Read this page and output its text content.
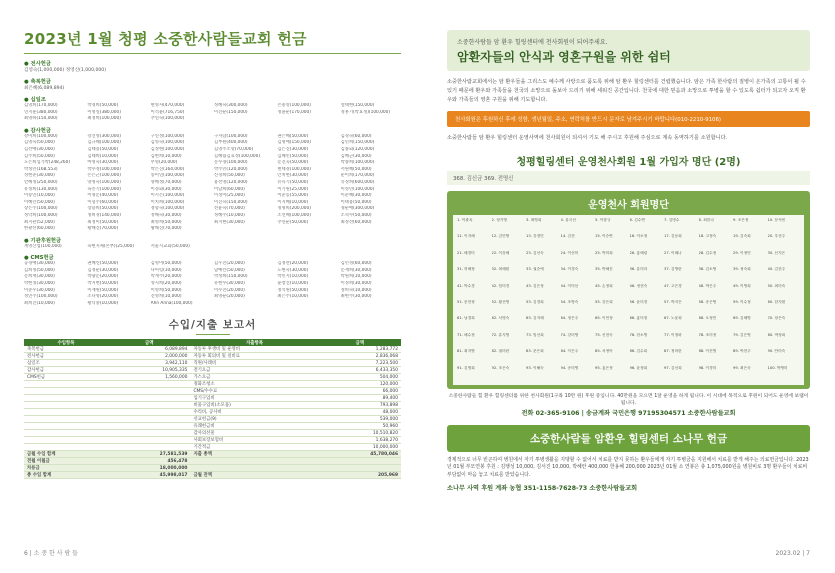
2023년 1월 청평 소중한사람들교회 헌금
● 전사헌금
김영숙(1,000,000) 정영신(1,000,000)
● 축복헌금
최은혜(6,089,894)
● 십일조
김영희(170,000)	박경희(50,000)	변영자(470,000)	성혜숙(300,000)	손중성(100,000)	설태현(150,000)
연지훈(380,000)	이영실(380,000)	이석윤(716,750)	이진순(150,000)	정윤순(170,000)	정홍기(박효정)(100,000)
최영하(150,000)	최정희(100,000)	추연숙(100,000)
● 감사헌금
강미희(100,000)	강진영(300,000)	구연정(100,000)	구자남(100,000)	권은혜(50,000)	김경숙(60,000)
김영숙(50,000)	김규해(100,000)	김영숙(100,000)	김부원(400,000)	김명애(150,000)	김민희(150,000)
김선애(30,000)	김태용(50,000)	김정현(100,000)	김영주소망(70,000)	김은진(30,000)	김종회(120,000)
김주희(50,000)	김태희(10,000)	김현희(10,000)	김혜림김효정(100,000)	김혜민(50,000)	김혜근(30,000)
노은희심가박(248,260)	마영숙(30,000)	무명(20,000)	문수경(100,000)	문진욱(50,000)	박종희(100,000)
박정민(168,553)	박수정(100,000)	박은진(164,000)	박주민(120,000)	변태경(100,000)	서원혜(50,000)
성현준(30,000)	손은근(100,000)	송미연(100,000)	신경희(50,000)	안치현(30,000)	순이희(170,000)
안혜정(250,000)	양영숙(100,000)	양혜정(70,000)	용선영(120,000)	유득기(50,000)	유정희(600,000)
유정희(130,000)	육흥기(100,000)	이경화(30,000)	이남희(60,000)	이기원(25,000)	이성민(100,000)
이승연(10,000)	이영문(40,000)	이시은(100,000)	이정미(25,000)	이준동(55,000)	이준혜(30,000)
이혜린(50,000)	이형주(60,000)	이치희(100,000)	이진숙(150,000)	이지혜(10,000)	이태용(50,000)
장은주(100,000)	장용희(50,000)	정향숙(100,000)	전윤숙(70,000)	정명희(200,000)	정순애(300,000)
정약희(100,000)	정희경(140,000)	정해숙(30,000)	정혜주(10,000)	조연혜(100,000)	조혁수(50,000)
최지관(52,000)	최정미(50,000)	최영희(50,000)	최지현(30,000)	추연순(50,000)	최정선(60,000)
한광선(60,000)	황해진(70,000)	황해진(70,000)
● 기관후원헌금
계영산업(100,000)	육현지체(본부)(25,000)	서울시교회(50,000)
● CMS헌금
공경애(30,000)	권혜연(50,000)	김영미(50,000)	김우진(20,000)	김정란(20,000)	김민경(60,000)
김희정(50,000)	김정순(30,000)	나미령(10,000)	남예린(50,000)	도현숙(30,000)	문재희(30,000)
문희재(30,000)	박광문(20,000)	박계주(20,000)	박정희(150,000)	박민지(10,000)	박원희(10,000)
박현정(30,000)	박지현(50,000)	성지희(20,000)	유현수(30,000)	윤창진(10,000)	이정희(30,000)
이준우(30,000)	이재원(50,000)	이영희(50,000)	이수진(20,000)	정석원(50,000)	정희숙(10,000)
정연주(100,000)	조나영(20,000)	진영희(10,000)	최영순(20,000)	최은주(10,000)	최현주(30,000)
최희진(10,000)	황덕중(10,000)	Ahn Anna(100,000)
수입/지출 보고서
수입항목	금액	지출항목	금액
축복헌금	6,089,894	자동투 후생비 및 운영비	1,283,772
전사헌금	2,000,000	자동투 회의비 및 실비료	2,836,068
십일조	3,942,110	직원/사례비	7,223,500
감사헌금	10,905,335	전기요금	6,433,350
CMS헌금	1,560,000	가스요금	504,000
		정화조청소	120,000
		CMS/수수료	66,000
		입기구입비	89,400
		비품구입비(소모품)	793,898
		수리비, 공사비	48,000
		선교헌금(9)	539,000
		유쾌헌금비	50,960
		감사의선물	10,510,820
		사회보장보험비	1,638,270
		기간적금	10,000,000
금월 수입 합계	27,581,539	지출 총액	45,780,046
전월 이월금	456,478		
차용금	18,000,000		
총 수입 합계	45,998,017	금월 잔액	205,969
6 | 소 중 한 사 람 들
소중한사람들 암 환우 힐링센터에 천사회원이 되어주세요.
암환자들의 안식과 영혼구원을 위한 쉼터
소중한사람교회에서는 암 환우들을 그리스도 예수께 사랑으로 품도록 위해 암 환우 힐링센터를 건립했습니다. 암은 가족 한사람의 질병이 온가족의 고통이 될 수 있기 때문에 환우와 가족들을 천국의 소망으로 돌보아 드리기 위해 세워진 공간입니다. 천국에 대한 믿음과 소망으로 투병을 할 수 있도록 쉼터가 되고자 오직 환우와 가족들의 영혼 구원을 위해 기도합니다.
천사회원은 후원하신 후에 성함, 생년월일, 주소, 연락처를 반드시 문자로 남겨주시기 바랍니다(010-2210-9106)
소중한사람들 암 환우 힐링센터 운영사역에 천사회원이 되셔서 기도 해 주시고 후원해 주심으로 계속 동역하기를 소원합니다.
청평힐링센터 운영천사회원 1월 가입자 명단 (2명)
368. 김신금 369. 전명신
운영천사 회원명단
1. 이광옥	2. 정기영	3. 최영희	4. 유국선	5. 이향규	6. 김수연	7. 김명수	8. 최한나	9. 조은정	10. 문석빈
11. 이지혜	12. 김민영	13. 강경민	14. 김현	15. 이승연	16. 이소정	17. 김동희	18. 고정숙	19. 김숙희	20. 우현주
21. 배경미	22. 이강혜	23. 김선숙	24. 이선미	25. 박미희	26. 홍혜령	27. 이혜나	28. 김수정	29. 이정민	30. 신지은
31. 허혜정	32. 최혜원	33. 권순애	34. 이경숙	35. 박혜진	36. 유미라	37. 김영란	38. 김소영	39. 정숙희	40. 김현주
41. 박수경	42. 임미경	43. 김은정	44. 이미선	45. 손정희	46. 정현숙	47. 고은경	48. 박은주	49. 이영희	50. 최미숙
51. 문현정	52. 황선영	53. 김경희	54. 조영숙	55. 강은희	56. 윤미경	57. 박지은	58. 송은영	59. 이수정	60. 한지원
61. 남경희	62. 서명숙	63. 김지혜	64. 정은주	65. 이민정	66. 홍미정	67. 노윤희	68. 오정민	69. 김혜영	70. 장은숙
71. 배수정	72. 유지영	73. 임선희	74. 강미영	75. 신현숙	76. 한소영	77. 이정화	78. 조미정	79. 김은영	80. 박정희
81. 최지영	82. 권미란	83. 문은희	84. 이은주	85. 서정아	86. 김수희	87. 정미란	88. 이진영	89. 박현주	90. 안미숙
91. 김명희	92. 조은숙	93. 이해숙	94. 송미영	95. 홍은정	96. 윤정희	97. 김선희	98. 이경미	99. 최은숙	100. 박영미
소중한사람들 힐 환우 힐링센터를 위한 천사회원(1구좌 10만 원) 후원 중입니다. 40만원을 모으면 1달 운영을 하게 됩니다. 이 시대에 목적으로 후원이 되어도 운영에 보탬이 됩니다.
전화 02-365-9106 | 송금계좌 국민은행 97195304571 소중한사람들교회
소중한사람들 암환우 힐링센터 소나무 헌금
경제적으로 너무 빈곤하여 병원에서 자기 투병생활을 지탱할 수 없어서 치료를 받지 못하는 환우들에게 자기 투병금을 지원해서 치료를 받게 해주는 의료헌금입니다. 2023년 01월 부모연봉 후원 : 김행성 10,000, 김서진 10,000, 박혜란 400,000 한용혜 200,000 2023년 01월 소 연봉은 총 1,075,000원을 병원비로 3명 환우들이 치료비 부담없이 마음 놓고 치료를 받았습니다.
소나무 사역 후원 계좌 농협 351-1158-7628-73 소중한사람들교회
2023.02 | 7
